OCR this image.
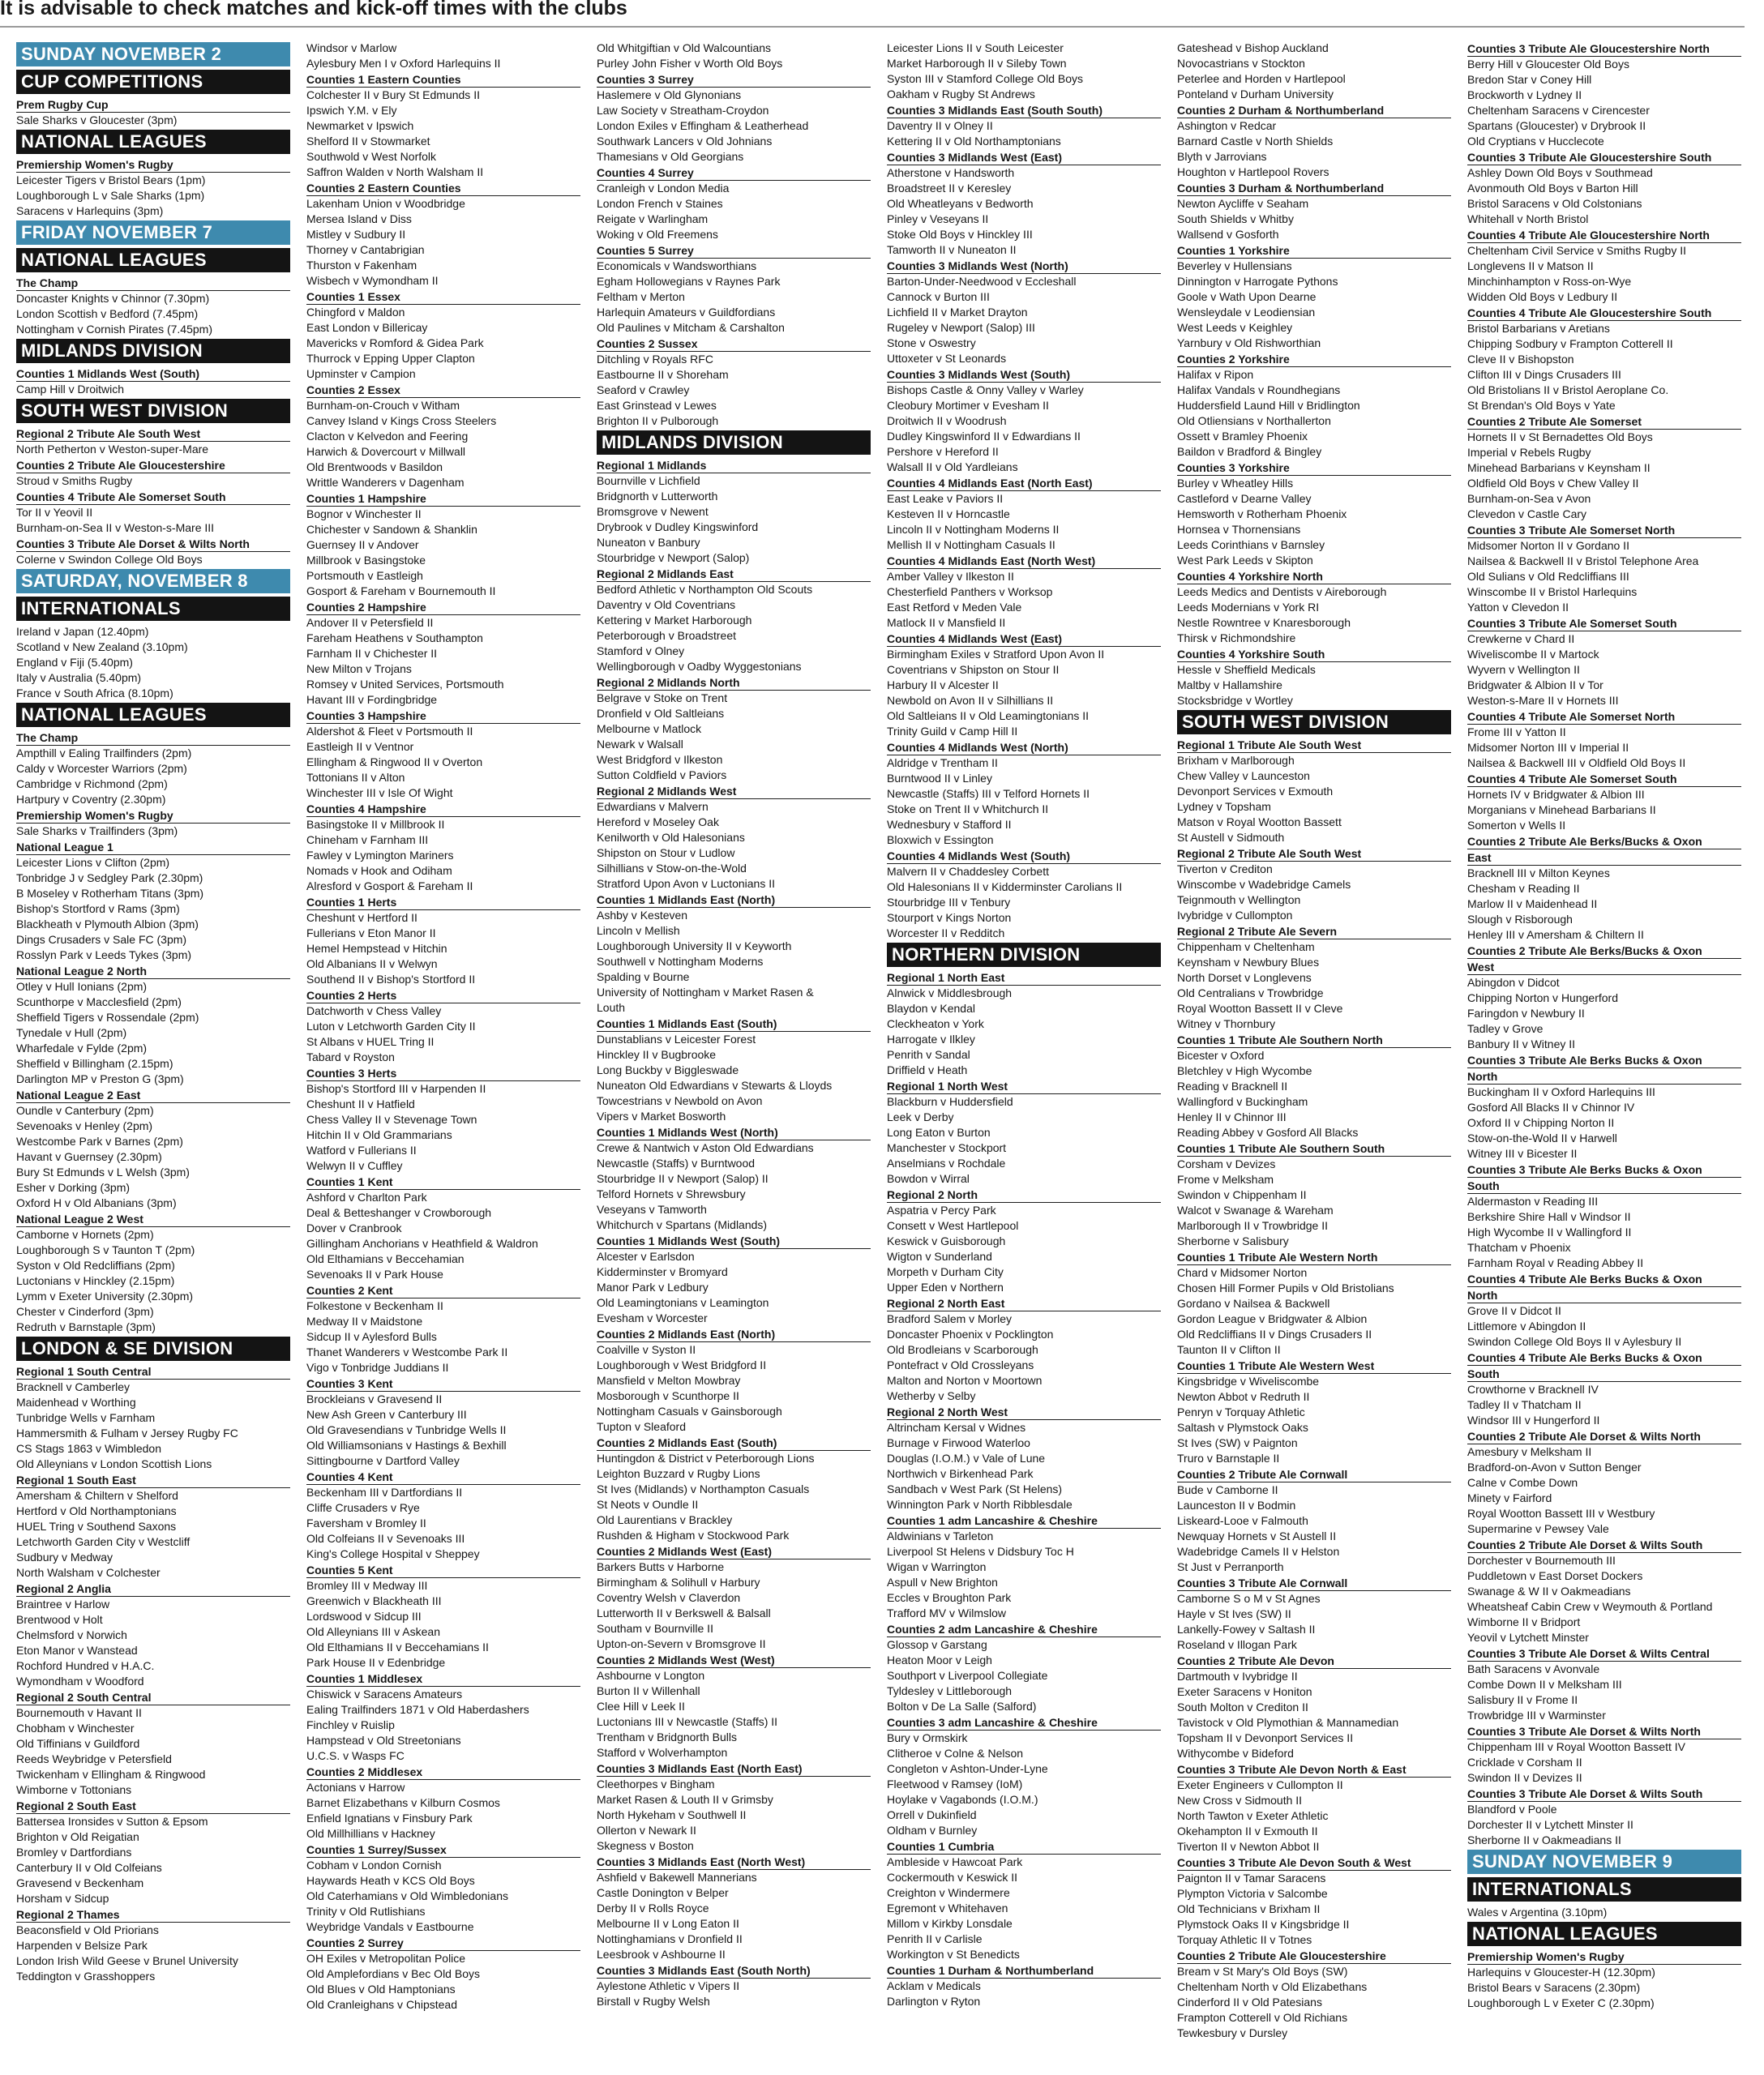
It is advisable to check matches and kick-off times with the clubs
SUNDAY NOVEMBER 2
CUP COMPETITIONS
Prem Rugby Cup
Sale Sharks v Gloucester (3pm)
NATIONAL LEAGUES
Premiership Women's Rugby
Leicester Tigers v Bristol Bears (1pm)
Loughborough L v Sale Sharks (1pm)
Saracens v Harlequins (3pm)
FRIDAY NOVEMBER 7
NATIONAL LEAGUES
The Champ
Doncaster Knights v Chinnor (7.30pm)
London Scottish v Bedford (7.45pm)
Nottingham v Cornish Pirates (7.45pm)
MIDLANDS DIVISION
Counties 1 Midlands West (South)
Camp Hill v Droitwich
SOUTH WEST DIVISION
Regional 2 Tribute Ale South West
North Petherton v Weston-super-Mare
Counties 2 Tribute Ale Gloucestershire
Stroud v Smiths Rugby
Counties 4 Tribute Ale Somerset South
Tor II v Yeovil II
Burnham-on-Sea II v Weston-s-Mare III
Counties 3 Tribute Ale Dorset & Wilts North
Colerne v Swindon College Old Boys
SATURDAY, NOVEMBER 8
INTERNATIONALS
Ireland v Japan (12.40pm)
Scotland v New Zealand (3.10pm)
England v Fiji (5.40pm)
Italy v Australia (5.40pm)
France v South Africa (8.10pm)
NATIONAL LEAGUES
The Champ
Ampthill v Ealing Trailfinders (2pm)
Caldy v Worcester Warriors (2pm)
Cambridge v Richmond (2pm)
Hartpury v Coventry (2.30pm)
Premiership Women's Rugby
Sale Sharks v Trailfinders (3pm)
National League 1
Leicester Lions v Clifton (2pm)
Tonbridge J v Sedgley Park (2.30pm)
B Moseley v Rotherham Titans (3pm)
Bishop's Stortford v Rams (3pm)
Blackheath v Plymouth Albion (3pm)
Dings Crusaders v Sale FC (3pm)
Rosslyn Park v Leeds Tykes (3pm)
National League 2 North
Otley v Hull Ionians (2pm)
Scunthorpe v Macclesfield (2pm)
Sheffield Tigers v Rossendale (2pm)
Tynedale v Hull (2pm)
Wharfedale v Fylde (2pm)
Sheffield v Billingham (2.15pm)
Darlington MP v Preston G (3pm)
National League 2 East
Oundle v Canterbury (2pm)
Sevenoaks v Henley (2pm)
Westcombe Park v Barnes (2pm)
Havant v Guernsey (2.30pm)
Bury St Edmunds v L Welsh (3pm)
Esher v Dorking (3pm)
Oxford H v Old Albanians (3pm)
National League 2 West
Camborne v Hornets (2pm)
Loughborough S v Taunton T (2pm)
Syston v Old Redcliffians (2pm)
Luctonians v Hinckley (2.15pm)
Lymm v Exeter University (2.30pm)
Chester v Cinderford (3pm)
Redruth v Barnstaple (3pm)
LONDON & SE DIVISION
Regional 1 South Central
Bracknell v Camberley
Maidenhead v Worthing
Tunbridge Wells v Farnham
Hammersmith & Fulham v Jersey Rugby FC
CS Stags 1863 v Wimbledon
Old Alleynians v London Scottish Lions
Regional 1 South East
Amersham & Chiltern v Shelford
Hertford v Old Northamptonians
HUEL Tring v Southend Saxons
Letchworth Garden City v Westcliff
Sudbury v Medway
North Walsham v Colchester
Regional 2 Anglia
Braintree v Harlow
Brentwood v Holt
Chelmsford v Norwich
Eton Manor v Wanstead
Rochford Hundred v H.A.C.
Wymondham v Woodford
Regional 2 South Central
Bournemouth v Havant II
Chobham v Winchester
Old Tiffinians v Guildford
Reeds Weybridge v Petersfield
Twickenham v Ellingham & Ringwood
Wimborne v Tottonians
Regional 2 South East
Battersea Ironsides v Sutton & Epsom
Brighton v Old Reigatian
Bromley v Dartfordians
Canterbury II v Old Colfeians
Gravesend v Beckenham
Horsham v Sidcup
Regional 2 Thames
Beaconsfield v Old Priorians
Harpenden v Belsize Park
London Irish Wild Geese v Brunel University
Teddington v Grasshoppers
Windsor v Marlow
Aylesbury Men I v Oxford Harlequins II
Counties 1 Eastern Counties
Colchester II v Bury St Edmunds II
Ipswich Y.M. v Ely
Newmarket v Ipswich
Shelford II v Stowmarket
Southwold v West Norfolk
Saffron Walden v North Walsham II
Counties 2 Eastern Counties
Lakenham Union v Woodbridge
Mersea Island v Diss
Mistley v Sudbury II
Thorney v Cantabrigian
Thurston v Fakenham
Wisbech v Wymondham II
Counties 1 Essex
Chingford v Maldon
East London v Billericay
Mavericks v Romford & Gidea Park
Thurrock v Epping Upper Clapton
Upminster v Campion
Counties 2 Essex
Burnham-on-Crouch v Witham
Canvey Island v Kings Cross Steelers
Clacton v Kelvedon and Feering
Harwich & Dovercourt v Millwall
Old Brentwoods v Basildon
Writtle Wanderers v Dagenham
Counties 1 Hampshire
Bognor v Winchester II
Chichester v Sandown & Shanklin
Guernsey II v Andover
Millbrook v Basingstoke
Portsmouth v Eastleigh
Gosport & Fareham v Bournemouth II
Counties 2 Hampshire
Andover II v Petersfield II
Fareham Heathens v Southampton
Farnham II v Chichester II
New Milton v Trojans
Romsey v United Services, Portsmouth
Havant III v Fordingbridge
Counties 3 Hampshire
Aldershot & Fleet v Portsmouth II
Eastleigh II v Ventnor
Ellingham & Ringwood II v Overton
Tottonians II v Alton
Winchester III v Isle Of Wight
Counties 4 Hampshire
Basingstoke II v Millbrook II
Chineham v Farnham III
Fawley v Lymington Mariners
Nomads v Hook and Odiham
Alresford v Gosport & Fareham II
Counties 1 Herts
Cheshunt v Hertford II
Fullerians v Eton Manor II
Hemel Hempstead v Hitchin
Old Albanians II v Welwyn
Southend II v Bishop's Stortford II
Counties 2 Herts
Datchworth v Chess Valley
Luton v Letchworth Garden City II
St Albans v HUEL Tring II
Tabard v Royston
Counties 3 Herts
Bishop's Stortford III v Harpenden II
Cheshunt II v Hatfield
Chess Valley II v Stevenage Town
Hitchin II v Old Grammarians
Watford v Fullerians II
Welwyn II v Cuffley
Counties 1 Kent
Ashford v Charlton Park
Deal & Betteshanger v Crowborough
Dover v Cranbrook
Gillingham Anchorians v Heathfield & Waldron
Old Elthamians v Beccehamian
Sevenoaks II v Park House
Counties 2 Kent
Folkestone v Beckenham II
Medway II v Maidstone
Sidcup II v Aylesford Bulls
Thanet Wanderers v Westcombe Park II
Vigo v Tonbridge Juddians II
Counties 3 Kent
Brockleians v Gravesend II
New Ash Green v Canterbury III
Old Gravesendians v Tunbridge Wells II
Old Williamsonians v Hastings & Bexhill
Sittingbourne v Dartford Valley
Counties 4 Kent
Beckenham III v Dartfordians II
Cliffe Crusaders v Rye
Faversham v Bromley II
Old Colfeians II v Sevenoaks III
King's College Hospital v Sheppey
Counties 5 Kent
Bromley III v Medway III
Greenwich v Blackheath III
Lordswood v Sidcup III
Old Alleynians III v Askean
Old Elthamians II v Beccehamians II
Park House II v Edenbridge
Counties 1 Middlesex
Chiswick v Saracens Amateurs
Ealing Trailfinders 1871 v Old Haberdashers
Finchley v Ruislip
Hampstead v Old Streetonians
U.C.S. v Wasps FC
Counties 2 Middlesex
Actonians v Harrow
Barnet Elizabethans v Kilburn Cosmos
Enfield Ignatians v Finsbury Park
Old Millhillians v Hackney
Counties 1 Surrey/Sussex
Cobham v London Cornish
Haywards Heath v KCS Old Boys
Old Caterhamians v Old Wimbledonians
Trinity v Old Rutlishians
Weybridge Vandals v Eastbourne
Counties 2 Surrey
OH Exiles v Metropolitan Police
Old Amplefordians v Bec Old Boys
Old Blues v Old Hamptonians
Old Cranleighans v Chipstead
Old Whitgiftian v Old Walcountians
Purley John Fisher v Worth Old Boys
Counties 3 Surrey
Haslemere v Old Glynonians
Law Society v Streatham-Croydon
London Exiles v Effingham & Leatherhead
Southwark Lancers v Old Johnians
Thamesians v Old Georgians
Counties 4 Surrey
Cranleigh v London Media
London French v Staines
Reigate v Warlingham
Woking v Old Freemens
Counties 5 Surrey
Economicals v Wandsworthians
Egham Hollowegians v Raynes Park
Feltham v Merton
Harlequin Amateurs v Guildfordians
Old Paulines v Mitcham & Carshalton
Counties 2 Sussex
Ditchling v Royals RFC
Eastbourne II v Shoreham
Seaford v Crawley
East Grinstead v Lewes
Brighton II v Pulborough
MIDLANDS DIVISION
Regional 1 Midlands
Bournville v Lichfield
Bridgnorth v Lutterworth
Bromsgrove v Newent
Drybrook v Dudley Kingswinford
Nuneaton v Banbury
Stourbridge v Newport (Salop)
Regional 2 Midlands East
Bedford Athletic v Northampton Old Scouts
Daventry v Old Coventrians
Kettering v Market Harborough
Peterborough v Broadstreet
Stamford v Olney
Wellingborough v Oadby Wyggestonians
Regional 2 Midlands North
Belgrave v Stoke on Trent
Dronfield v Old Saltleians
Melbourne v Matlock
Newark v Walsall
West Bridgford v Ilkeston
Sutton Coldfield v Paviors
Regional 2 Midlands West
Edwardians v Malvern
Hereford v Moseley Oak
Kenilworth v Old Halesonians
Shipston on Stour v Ludlow
Silhillians v Stow-on-the-Wold
Stratford Upon Avon v Luctonians II
Counties 1 Midlands East (North)
Ashby v Kesteven
Lincoln v Mellish
Loughborough University II v Keyworth
Southwell v Nottingham Moderns
Spalding v Bourne
University of Nottingham v Market Rasen &
Louth
Counties 1 Midlands East (South)
Dunstablians v Leicester Forest
Hinckley II v Bugbrooke
Long Buckby v Biggleswade
Nuneaton Old Edwardians v Stewarts & Lloyds
Towcestrians v Newbold on Avon
Vipers v Market Bosworth
Counties 1 Midlands West (North)
Crewe & Nantwich v Aston Old Edwardians
Newcastle (Staffs) v Burntwood
Stourbridge II v Newport (Salop) II
Telford Hornets v Shrewsbury
Veseyans v Tamworth
Whitchurch v Spartans (Midlands)
Counties 1 Midlands West (South)
Alcester v Earlsdon
Kidderminster v Bromyard
Manor Park v Ledbury
Old Leamingtonians v Leamington
Evesham v Worcester
Counties 2 Midlands East (North)
Coalville v Syston II
Loughborough v West Bridgford II
Mansfield v Melton Mowbray
Mosborough v Scunthorpe II
Nottingham Casuals v Gainsborough
Tupton v Sleaford
Counties 2 Midlands East (South)
Huntingdon & District v Peterborough Lions
Leighton Buzzard v Rugby Lions
St Ives (Midlands) v Northampton Casuals
St Neots v Oundle II
Old Laurentians v Brackley
Rushden & Higham v Stockwood Park
Counties 2 Midlands West (East)
Barkers Butts v Harborne
Birmingham & Solihull v Harbury
Coventry Welsh v Claverdon
Lutterworth II v Berkswell & Balsall
Southam v Bournville II
Upton-on-Severn v Bromsgrove II
Counties 2 Midlands West (West)
Ashbourne v Longton
Burton II v Willenhall
Clee Hill v Leek II
Luctonians III v Newcastle (Staffs) II
Trentham v Bridgnorth Bulls
Stafford v Wolverhampton
Counties 3 Midlands East (North East)
Cleethorpes v Bingham
Market Rasen & Louth II v Grimsby
North Hykeham v Southwell II
Ollerton v Newark II
Skegness v Boston
Counties 3 Midlands East (North West)
Ashfield v Bakewell Mannerians
Castle Donington v Belper
Derby II v Rolls Royce
Melbourne II v Long Eaton II
Nottinghamians v Dronfield II
Leesbrook v Ashbourne II
Counties 3 Midlands East (South North)
Aylestone Athletic v Vipers II
Birstall v Rugby Welsh
Leicester Lions II v South Leicester
Market Harborough II v Sileby Town
Syston III v Stamford College Old Boys
Oakham v Rugby St Andrews
Counties 3 Midlands East (South South)
Daventry II v Olney II
Kettering II v Old Northamptonians
Counties 3 Midlands West (East)
Atherstone v Handsworth
Broadstreet II v Keresley
Old Wheatleyans v Bedworth
Pinley v Veseyans II
Stoke Old Boys v Hinckley III
Tamworth II v Nuneaton II
Counties 3 Midlands West (North)
Barton-Under-Needwood v Eccleshall
Cannock v Burton III
Lichfield II v Market Drayton
Rugeley v Newport (Salop) III
Stone v Oswestry
Uttoxeter v St Leonards
Counties 3 Midlands West (South)
Bishops Castle & Onny Valley v Warley
Cleobury Mortimer v Evesham II
Droitwich II v Woodrush
Dudley Kingswinford II v Edwardians II
Pershore v Hereford II
Walsall II v Old Yardleians
Counties 4 Midlands East (North East)
East Leake v Paviors II
Kesteven II v Horncastle
Lincoln II v Nottingham Moderns II
Mellish II v Nottingham Casuals II
Counties 4 Midlands East (North West)
Amber Valley v Ilkeston II
Chesterfield Panthers v Worksop
East Retford v Meden Vale
Matlock II v Mansfield II
Counties 4 Midlands West (East)
Birmingham Exiles v Stratford Upon Avon II
Coventrians v Shipston on Stour II
Harbury II v Alcester II
Newbold on Avon II v Silhillians II
Old Saltleians II v Old Leamingtonians II
Trinity Guild v Camp Hill II
Counties 4 Midlands West (North)
Aldridge v Trentham II
Burntwood II v Linley
Newcastle (Staffs) III v Telford Hornets II
Stoke on Trent II v Whitchurch II
Wednesbury v Stafford II
Bloxwich v Essington
Counties 4 Midlands West (South)
Malvern II v Chaddesley Corbett
Old Halesonians II v Kidderminster Carolians II
Stourbridge III v Tenbury
Stourport v Kings Norton
Worcester II v Redditch
NORTHERN DIVISION
Regional 1 North East
Alnwick v Middlesbrough
Blaydon v Kendal
Cleckheaton v York
Harrogate v Ilkley
Penrith v Sandal
Driffield v Heath
Regional 1 North West
Blackburn v Huddersfield
Leek v Derby
Long Eaton v Burton
Manchester v Stockport
Anselmians v Rochdale
Bowdon v Wirral
Regional 2 North
Aspatria v Percy Park
Consett v West Hartlepool
Keswick v Guisborough
Wigton v Sunderland
Morpeth v Durham City
Upper Eden v Northern
Regional 2 North East
Bradford Salem v Morley
Doncaster Phoenix v Pocklington
Old Brodleians v Scarborough
Pontefract v Old Crossleyans
Malton and Norton v Moortown
Wetherby v Selby
Regional 2 North West
Altrincham Kersal v Widnes
Burnage v Firwood Waterloo
Douglas (I.O.M.) v Vale of Lune
Northwich v Birkenhead Park
Sandbach v West Park (St Helens)
Winnington Park v North Ribblesdale
Counties 1 adm Lancashire & Cheshire
Aldwinians v Tarleton
Liverpool St Helens v Didsbury Toc H
Wigan v Warrington
Aspull v New Brighton
Eccles v Broughton Park
Trafford MV v Wilmslow
Counties 2 adm Lancashire & Cheshire
Glossop v Garstang
Heaton Moor v Leigh
Southport v Liverpool Collegiate
Tyldesley v Littleborough
Bolton v De La Salle (Salford)
Counties 3 adm Lancashire & Cheshire
Bury v Ormskirk
Clitheroe v Colne & Nelson
Congleton v Ashton-Under-Lyne
Fleetwood v Ramsey (IoM)
Hoylake v Vagabonds (I.O.M.)
Orrell v Dukinfield
Oldham v Burnley
Counties 1 Cumbria
Ambleside v Hawcoat Park
Cockermouth v Keswick II
Creighton v Windermere
Egremont v Whitehaven
Millom v Kirkby Lonsdale
Penrith II v Carlisle
Workington v St Benedicts
Counties 1 Durham & Northumberland
Acklam v Medicals
Darlington v Ryton
Gateshead v Bishop Auckland
Novocastrians v Stockton
Peterlee and Horden v Hartlepool
Ponteland v Durham University
Counties 2 Durham & Northumberland
Ashington v Redcar
Barnard Castle v North Shields
Blyth v Jarrovians
Houghton v Hartlepool Rovers
Counties 3 Durham & Northumberland
Newton Aycliffe v Seaham
South Shields v Whitby
Wallsend v Gosforth
Counties 1 Yorkshire
Beverley v Hullensians
Dinnington v Harrogate Pythons
Goole v Wath Upon Dearne
Wensleydale v Leodiensian
West Leeds v Keighley
Yarnbury v Old Rishworthian
Counties 2 Yorkshire
Halifax v Ripon
Halifax Vandals v Roundhegians
Huddersfield Laund Hill v Bridlington
Old Otliensians v Northallerton
Ossett v Bramley Phoenix
Baildon v Bradford & Bingley
Counties 3 Yorkshire
Burley v Wheatley Hills
Castleford v Dearne Valley
Hemsworth v Rotherham Phoenix
Hornsea v Thornensians
Leeds Corinthians v Barnsley
West Park Leeds v Skipton
Counties 4 Yorkshire North
Leeds Medics and Dentists v Aireborough
Leeds Modernians v York RI
Nestle Rowntree v Knaresborough
Thirsk v Richmondshire
Counties 4 Yorkshire South
Hessle v Sheffield Medicals
Maltby v Hallamshire
Stocksbridge v Wortley
SOUTH WEST DIVISION
Regional 1 Tribute Ale South West
Brixham v Marlborough
Chew Valley v Launceston
Devonport Services v Exmouth
Lydney v Topsham
Matson v Royal Wootton Bassett
St Austell v Sidmouth
Regional 2 Tribute Ale South West
Tiverton v Crediton
Winscombe v Wadebridge Camels
Teignmouth v Wellington
Ivybridge v Cullompton
Regional 2 Tribute Ale Severn
Chippenham v Cheltenham
Keynsham v Newbury Blues
North Dorset v Longlevens
Old Centralians v Trowbridge
Royal Wootton Bassett II v Cleve
Witney v Thornbury
Counties 1 Tribute Ale Southern North
Bicester v Oxford
Bletchley v High Wycombe
Reading v Bracknell II
Wallingford v Buckingham
Henley II v Chinnor III
Reading Abbey v Gosford All Blacks
Counties 1 Tribute Ale Southern South
Corsham v Devizes
Frome v Melksham
Swindon v Chippenham II
Walcot v Swanage & Wareham
Marlborough II v Trowbridge II
Sherborne v Salisbury
Counties 1 Tribute Ale Western North
Chard v Midsomer Norton
Chosen Hill Former Pupils v Old Bristolians
Gordano v Nailsea & Backwell
Gordon League v Bridgwater & Albion
Old Redcliffians II v Dings Crusaders II
Taunton II v Clifton II
Counties 1 Tribute Ale Western West
Kingsbridge v Wiveliscombe
Newton Abbot v Redruth II
Penryn v Torquay Athletic
Saltash v Plymstock Oaks
St Ives (SW) v Paignton
Truro v Barnstaple II
Counties 2 Tribute Ale Cornwall
Bude v Camborne II
Launceston II v Bodmin
Liskeard-Looe v Falmouth
Newquay Hornets v St Austell II
Wadebridge Camels II v Helston
St Just v Perranporth
Counties 3 Tribute Ale Cornwall
Camborne S o M v St Agnes
Hayle v St Ives (SW) II
Lankelly-Fowey v Saltash II
Roseland v Illogan Park
Counties 2 Tribute Ale Devon
Dartmouth v Ivybridge II
Exeter Saracens v Honiton
South Molton v Crediton II
Tavistock v Old Plymothian & Mannamedian
Topsham II v Devonport Services II
Withycombe v Bideford
Counties 3 Tribute Ale Devon North & East
Exeter Engineers v Cullompton II
New Cross v Sidmouth II
North Tawton v Exeter Athletic
Okehampton II v Exmouth II
Tiverton II v Newton Abbot II
Counties 3 Tribute Ale Devon South & West
Paignton II v Tamar Saracens
Plympton Victoria v Salcombe
Old Technicians v Brixham II
Plymstock Oaks II v Kingsbridge II
Torquay Athletic II v Totnes
Counties 2 Tribute Ale Gloucestershire
Bream v St Mary's Old Boys (SW)
Cheltenham North v Old Elizabethans
Cinderford II v Old Patesians
Frampton Cotterell v Old Richians
Tewkesbury v Dursley
Counties 3 Tribute Ale Gloucestershire North
Berry Hill v Gloucester Old Boys
Bredon Star v Coney Hill
Brockworth v Lydney II
Cheltenham Saracens v Cirencester
Spartans (Gloucester) v Drybrook II
Old Cryptians v Hucclecote
Counties 3 Tribute Ale Gloucestershire South
Ashley Down Old Boys v Southmead
Avonmouth Old Boys v Barton Hill
Bristol Saracens v Old Colstonians
Whitehall v North Bristol
Counties 4 Tribute Ale Gloucestershire North
Cheltenham Civil Service v Smiths Rugby II
Longlevens II v Matson II
Minchinhampton v Ross-on-Wye
Widden Old Boys v Ledbury II
Counties 4 Tribute Ale Gloucestershire South
Bristol Barbarians v Aretians
Chipping Sodbury v Frampton Cotterell II
Cleve II v Bishopston
Clifton III v Dings Crusaders III
Old Bristolians II v Bristol Aeroplane Co.
St Brendan's Old Boys v Yate
Counties 2 Tribute Ale Somerset
Hornets II v St Bernadettes Old Boys
Imperial v Rebels Rugby
Minehead Barbarians v Keynsham II
Oldfield Old Boys v Chew Valley II
Burnham-on-Sea v Avon
Clevedon v Castle Cary
Counties 3 Tribute Ale Somerset North
Midsomer Norton II v Gordano II
Nailsea & Backwell II v Bristol Telephone Area
Old Sulians v Old Redcliffians III
Winscombe II v Bristol Harlequins
Yatton v Clevedon II
Counties 3 Tribute Ale Somerset South
Crewkerne v Chard II
Wiveliscombe II v Martock
Wyvern v Wellington II
Bridgwater & Albion II v Tor
Weston-s-Mare II v Hornets III
Counties 4 Tribute Ale Somerset North
Frome III v Yatton II
Midsomer Norton III v Imperial II
Nailsea & Backwell III v Oldfield Old Boys II
Counties 4 Tribute Ale Somerset South
Hornets IV v Bridgwater & Albion III
Morganians v Minehead Barbarians II
Somerton v Wells II
Counties 2 Tribute Ale Berks/Bucks & Oxon
East
Bracknell III v Milton Keynes
Chesham v Reading II
Marlow II v Maidenhead II
Slough v Risborough
Henley III v Amersham & Chiltern II
Counties 2 Tribute Ale Berks/Bucks & Oxon
West
Abingdon v Didcot
Chipping Norton v Hungerford
Faringdon v Newbury II
Tadley v Grove
Banbury II v Witney II
Counties 3 Tribute Ale Berks Bucks & Oxon
North
Buckingham II v Oxford Harlequins III
Gosford All Blacks II v Chinnor IV
Oxford II v Chipping Norton II
Stow-on-the-Wold II v Harwell
Witney III v Bicester II
Counties 3 Tribute Ale Berks Bucks & Oxon
South
Aldermaston v Reading III
Berkshire Shire Hall v Windsor II
High Wycombe II v Wallingford II
Thatcham v Phoenix
Farnham Royal v Reading Abbey II
Counties 4 Tribute Ale Berks Bucks & Oxon
North
Grove II v Didcot II
Littlemore v Abingdon II
Swindon College Old Boys II v Aylesbury II
Counties 4 Tribute Ale Berks Bucks & Oxon
South
Crowthorne v Bracknell IV
Tadley II v Thatcham II
Windsor III v Hungerford II
Counties 2 Tribute Ale Dorset & Wilts North
Amesbury v Melksham II
Bradford-on-Avon v Sutton Benger
Calne v Combe Down
Minety v Fairford
Royal Wootton Bassett III v Westbury
Supermarine v Pewsey Vale
Counties 2 Tribute Ale Dorset & Wilts South
Dorchester v Bournemouth III
Puddletown v East Dorset Dockers
Swanage & W II v Oakmeadians
Wheatsheaf Cabin Crew v Weymouth & Portland
Wimborne II v Bridport
Yeovil v Lytchett Minster
Counties 3 Tribute Ale Dorset & Wilts Central
Bath Saracens v Avonvale
Combe Down II v Melksham III
Salisbury II v Frome II
Trowbridge III v Warminster
Counties 3 Tribute Ale Dorset & Wilts North
Chippenham III v Royal Wootton Bassett IV
Cricklade v Corsham II
Swindon II v Devizes II
Counties 3 Tribute Ale Dorset & Wilts South
Blandford v Poole
Dorchester II v Lytchett Minster II
Sherborne II v Oakmeadians II
SUNDAY NOVEMBER 9
INTERNATIONALS
Wales v Argentina (3.10pm)
NATIONAL LEAGUES
Premiership Women's Rugby
Harlequins v Gloucester-H (12.30pm)
Bristol Bears v Saracens (2.30pm)
Loughborough L v Exeter C (2.30pm)
